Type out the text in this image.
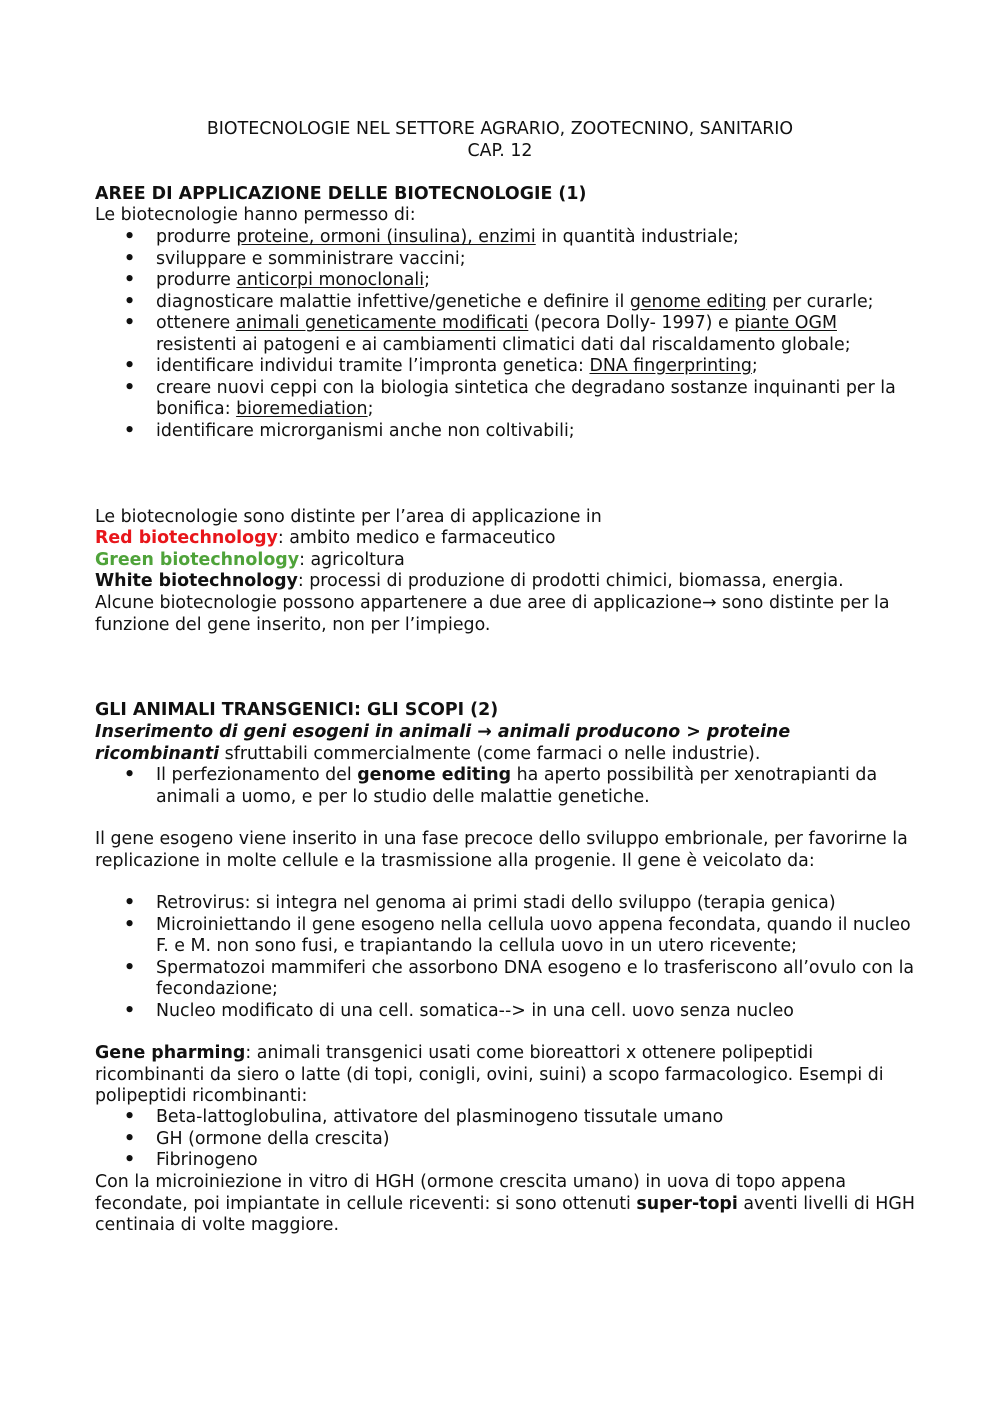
BIOTECNOLOGIE NEL SETTORE AGRARIO, ZOOTECNINO, SANITARIO

CAP. 12

AREE DI APPLICAZIONE DELLE BIOTECNOLOGIE (1)

Le biotecnologie hanno permesso di:

• produrre proteine, ormoni (insulina), enzimi in quantità industriale;
• sviluppare e somministrare vaccini;
• produrre anticorpi monoclonali;
• diagnosticare malattie infettive/genetiche e definire il genome editing per curarle;
• ottenere animali geneticamente modificati (pecora Dolly- 1997) e piante OGM resistenti ai patogeni e ai cambiamenti climatici dati dal riscaldamento globale;
• identificare individui tramite l’impronta genetica: DNA fingerprinting;
• creare nuovi ceppi con la biologia sintetica che degradano sostanze inquinanti per la bonifica: bioremediation;
• identificare microrganismi anche non coltivabili;

Le biotecnologie sono distinte per l’area di applicazione in

Red biotechnology: ambito medico e farmaceutico

Green biotechnology: agricoltura

White biotechnology: processi di produzione di prodotti chimici, biomassa, energia.

Alcune biotecnologie possono appartenere a due aree di applicazione→ sono distinte per la funzione del gene inserito, non per l’impiego.

GLI ANIMALI TRANSGENICI: GLI SCOPI (2)

Inserimento di geni esogeni in animali → animali producono > proteine ricombinanti sfruttabili commercialmente (come farmaci o nelle industrie).

• Il perfezionamento del genome editing ha aperto possibilità per xenotrapianti da animali a uomo, e per lo studio delle malattie genetiche.

Il gene esogeno viene inserito in una fase precoce dello sviluppo embrionale, per favorirne la replicazione in molte cellule e la trasmissione alla progenie. Il gene è veicolato da:

• Retrovirus: si integra nel genoma ai primi stadi dello sviluppo (terapia genica)
• Microiniettando il gene esogeno nella cellula uovo appena fecondata, quando il nucleo F. e M. non sono fusi, e trapiantando la cellula uovo in un utero ricevente;
• Spermatozoi mammiferi che assorbono DNA esogeno e lo trasferiscono all’ovulo con la fecondazione;
• Nucleo modificato di una cell. somatica--> in una cell. uovo senza nucleo

Gene pharming: animali transgenici usati come bioreattori x ottenere polipeptidi ricombinanti da siero o latte (di topi, conigli, ovini, suini) a scopo farmacologico. Esempi di polipeptidi ricombinanti:

• Beta-lattoglobulina, attivatore del plasminogeno tissutale umano
• GH (ormone della crescita)
• Fibrinogeno

Con la microiniezione in vitro di HGH (ormone crescita umano) in uova di topo appena fecondate, poi impiantate in cellule riceventi: si sono ottenuti super-topi aventi livelli di HGH centinaia di volte maggiore.
